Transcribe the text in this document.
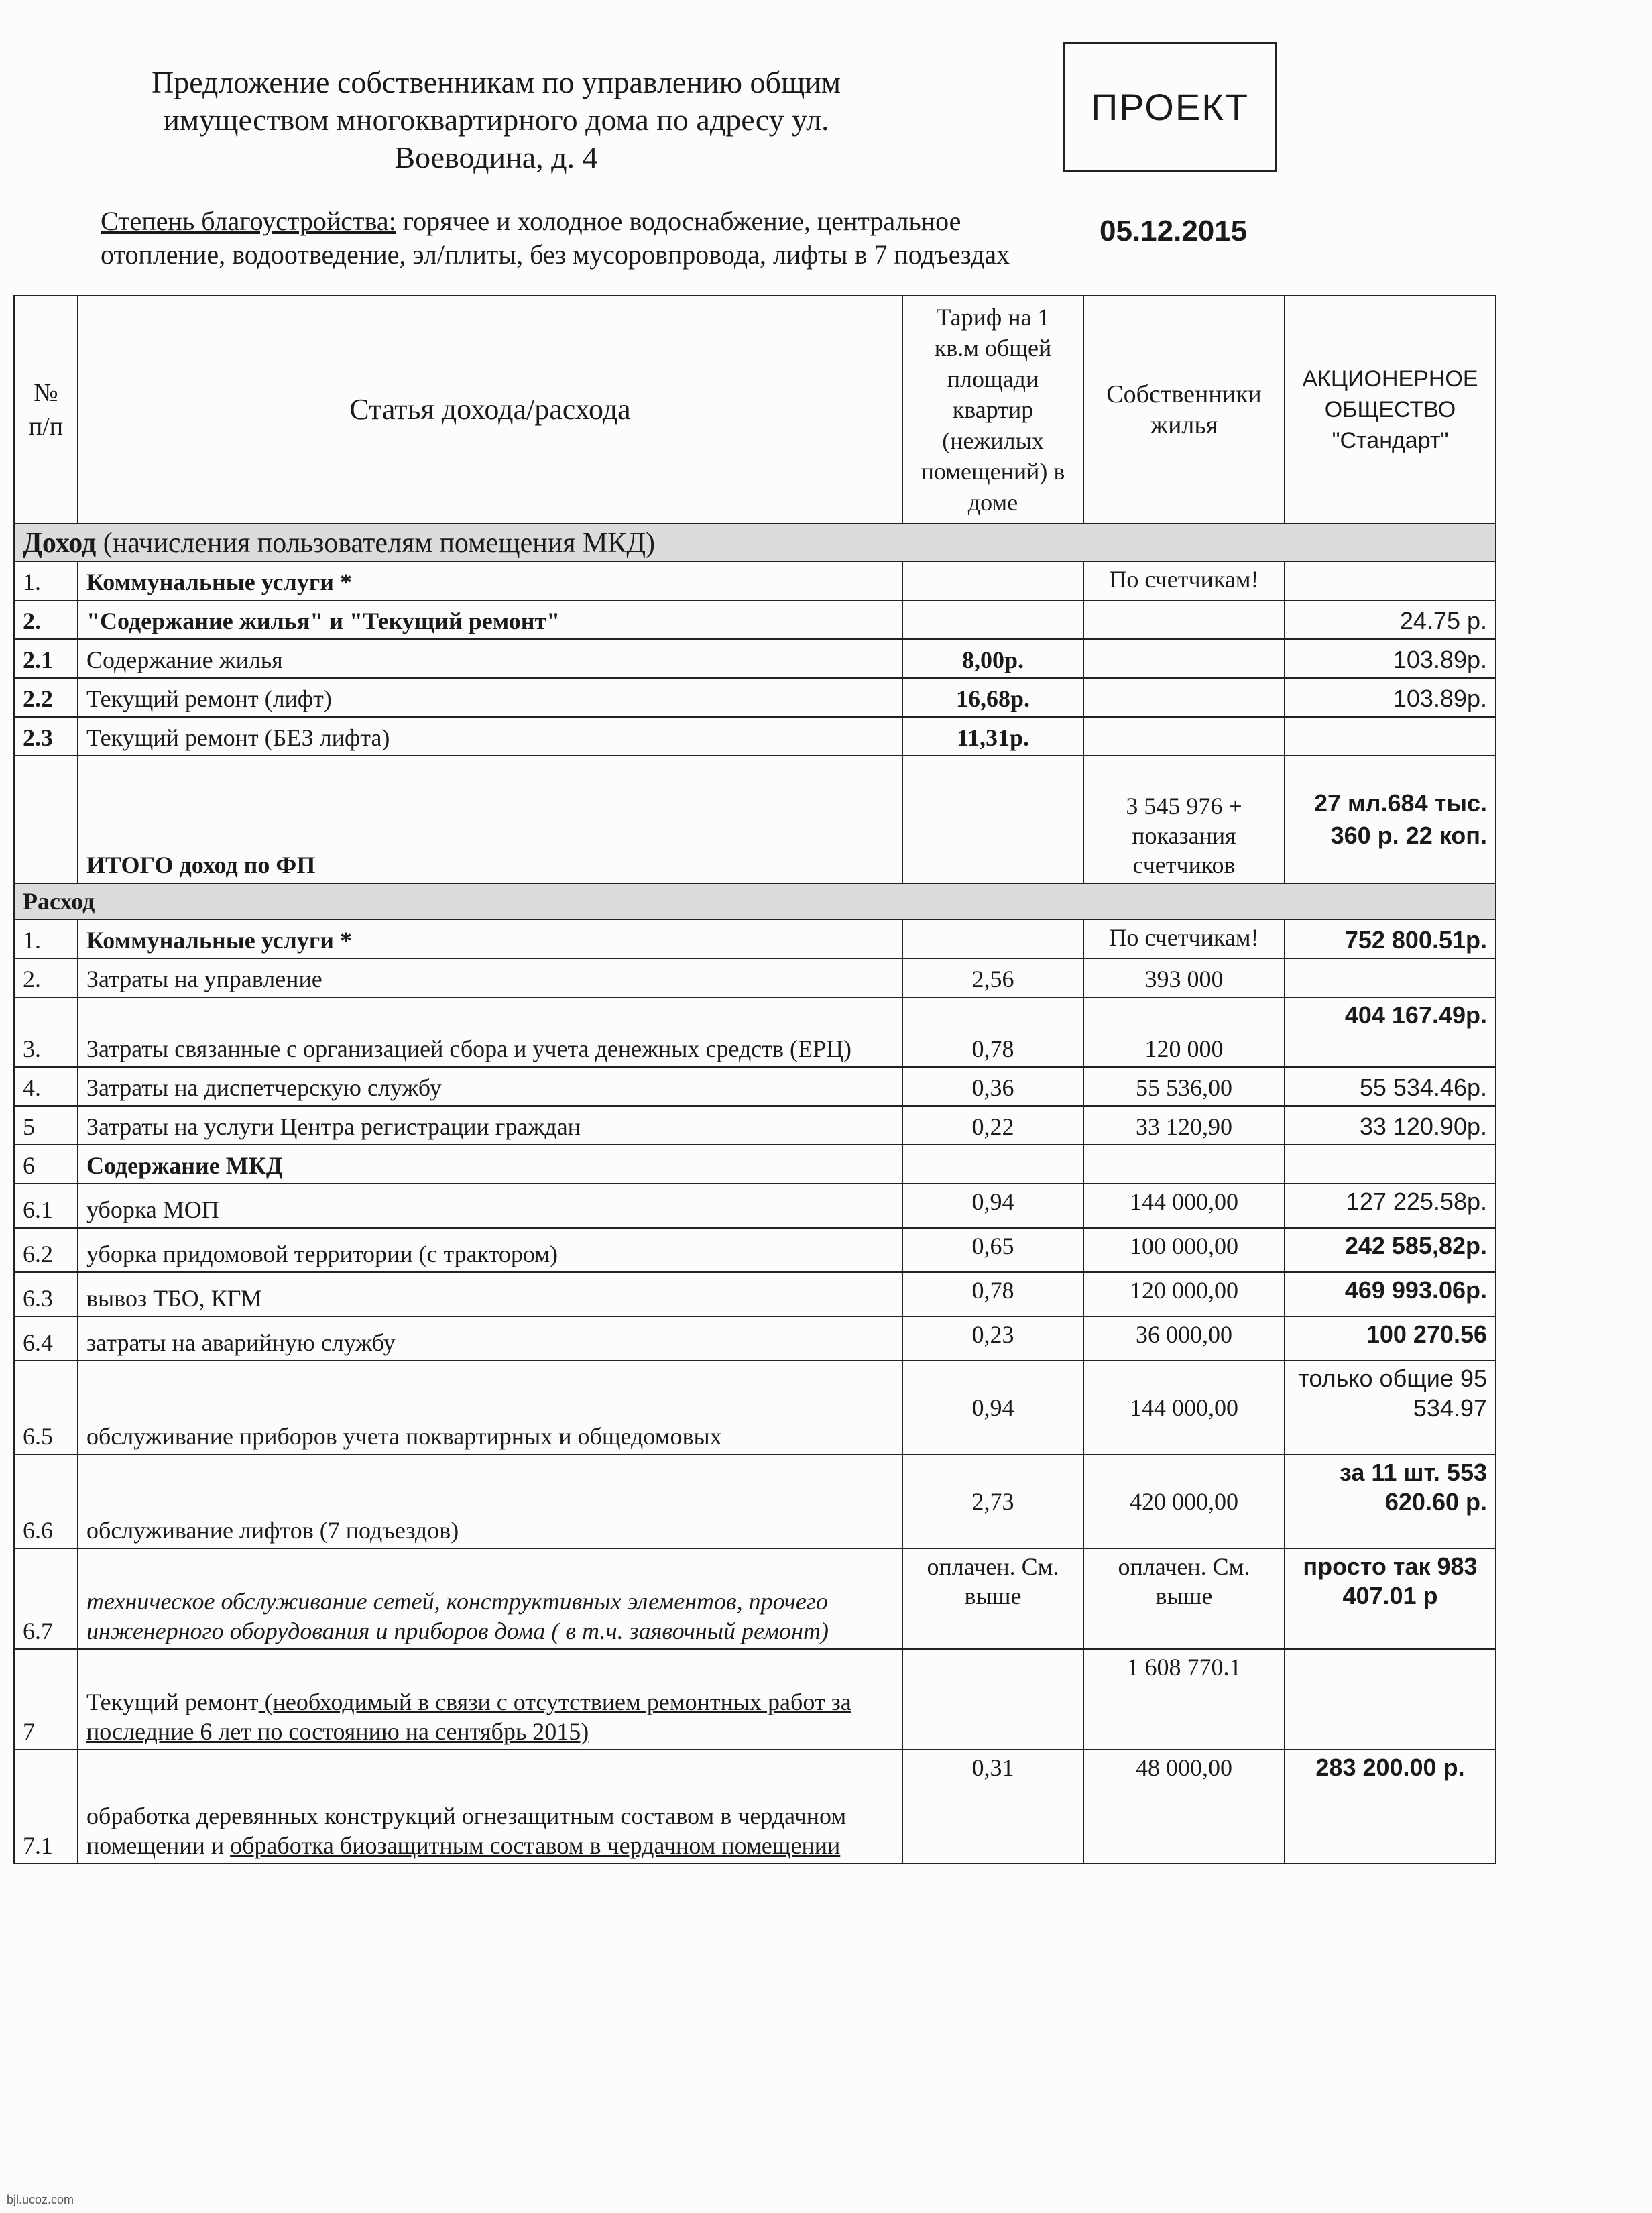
Предложение собственникам по управлению общим
имуществом многоквартирного дома по адресу ул.
Воеводина, д. 4
ПРОЕКТ
05.12.2015
Степень благоустройства: горячее и холодное водоснабжение, центральное отопление, водоотведение, эл/плиты, без мусоровпровода, лифты в 7 подъездах
№ п/п	Статья дохода/расхода	Тариф на 1 кв.м общей площади квартир (нежилых помещений) в доме	Собственники жилья	АКЦИОНЕРНОЕ ОБЩЕСТВО "Стандарт"
Доход (начисления пользователям помещения МКД)				
1.	Коммунальные услуги *		По счетчикам!	
2.	"Содержание жилья" и "Текущий ремонт"			24.75 р.
2.1	Содержание жилья	8,00р.		103.89р.
2.2	Текущий ремонт (лифт)	16,68р.		103.89р.
2.3	Текущий ремонт (БЕЗ лифта)	11,31р.		
	ИТОГО доход по ФП		3 545 976 + показания счетчиков	27 мл.684 тыс. 360 р. 22 коп.
Расход				
1.	Коммунальные услуги *		По счетчикам!	752 800.51р.
2.	Затраты на управление	2,56	393 000	
3.	Затраты связанные с организацией сбора и учета денежных средств (ЕРЦ)	0,78	120 000	404 167.49р.
4.	Затраты на диспетчерскую службу	0,36	55 536,00	55 534.46р.
5	Затраты на услуги Центра регистрации граждан	0,22	33 120,90	33 120.90р.
6	Содержание МКД			
6.1	уборка МОП	0,94	144 000,00	127 225.58р.
6.2	уборка придомовой территории (с трактором)	0,65	100 000,00	242 585,82р.
6.3	вывоз ТБО, КГМ	0,78	120 000,00	469 993.06р.
6.4	затраты на аварийную службу	0,23	36 000,00	100 270.56
6.5	обслуживание приборов учета поквартирных и общедомовых	0,94	144 000,00	только общие 95 534.97
6.6	обслуживание лифтов (7 подъездов)	2,73	420 000,00	за 11 шт. 553 620.60 р.
6.7	техническое обслуживание сетей, конструктивных элементов, прочего инженерного оборудования и приборов дома ( в т.ч. заявочный ремонт)	оплачен. См. выше	оплачен. См. выше	просто так 983 407.01 р
7	Текущий ремонт (необходимый в связи с отсутствием ремонтных работ за последние 6 лет по состоянию на сентябрь 2015)		1 608 770.1	
7.1	обработка деревянных конструкций огнезащитным составом в чердачном помещении и обработка биозащитным составом в чердачном помещении	0,31	48 000,00	283 200.00 р.
bjl.ucoz.com
